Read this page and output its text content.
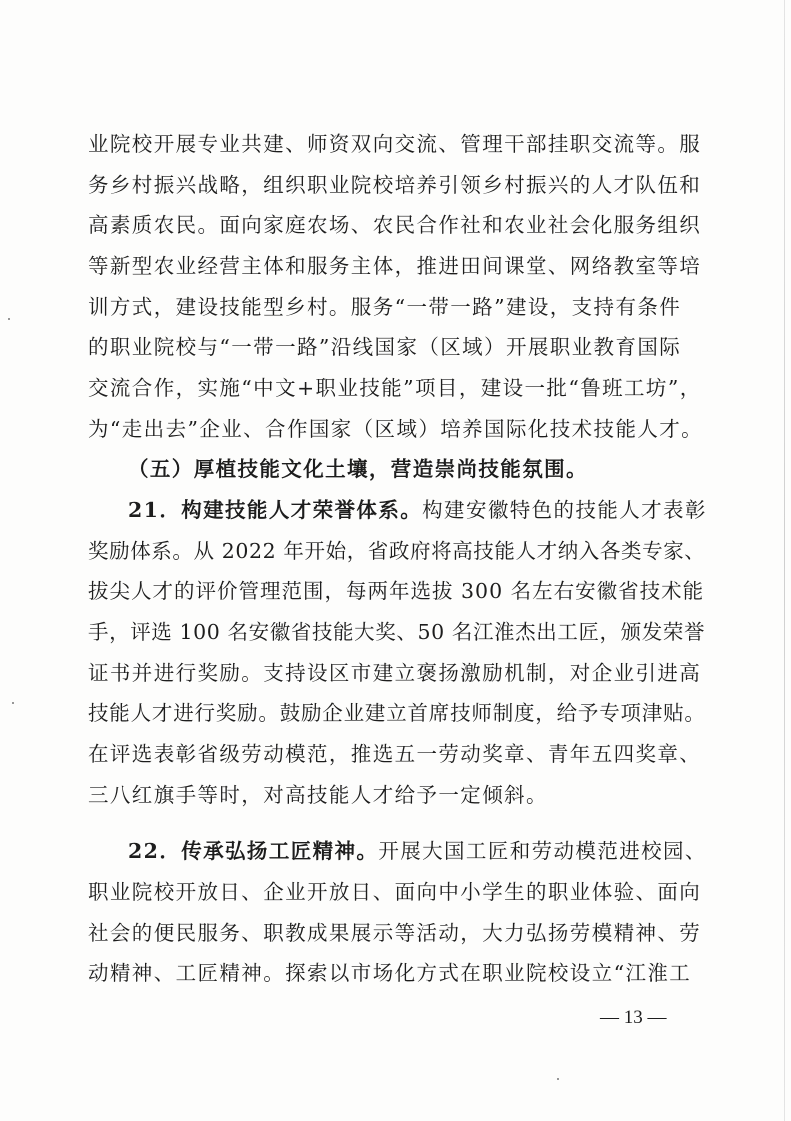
业院校开展专业共建、师资双向交流、管理干部挂职交流等。服
务乡村振兴战略，组织职业院校培养引领乡村振兴的人才队伍和
高素质农民。面向家庭农场、农民合作社和农业社会化服务组织
等新型农业经营主体和服务主体，推进田间课堂、网络教室等培
训方式，建设技能型乡村。服务“一带一路”建设，支持有条件
的职业院校与“一带一路”沿线国家（区域）开展职业教育国际
交流合作，实施“中文+职业技能”项目，建设一批“鲁班工坊”，
为“走出去”企业、合作国家（区域）培养国际化技术技能人才。
（五）厚植技能文化土壤，营造崇尚技能氛围。
21．构建技能人才荣誉体系。构建安徽特色的技能人才表彰
奖励体系。从 2022 年开始，省政府将高技能人才纳入各类专家、
拔尖人才的评价管理范围，每两年选拔 300 名左右安徽省技术能
手，评选 100 名安徽省技能大奖、50 名江淮杰出工匠，颁发荣誉
证书并进行奖励。支持设区市建立褒扬激励机制，对企业引进高
技能人才进行奖励。鼓励企业建立首席技师制度，给予专项津贴。
在评选表彰省级劳动模范，推选五一劳动奖章、青年五四奖章、
三八红旗手等时，对高技能人才给予一定倾斜。
22．传承弘扬工匠精神。开展大国工匠和劳动模范进校园、
职业院校开放日、企业开放日、面向中小学生的职业体验、面向
社会的便民服务、职教成果展示等活动，大力弘扬劳模精神、劳
动精神、工匠精神。探索以市场化方式在职业院校设立“江淮工
— 13 —
